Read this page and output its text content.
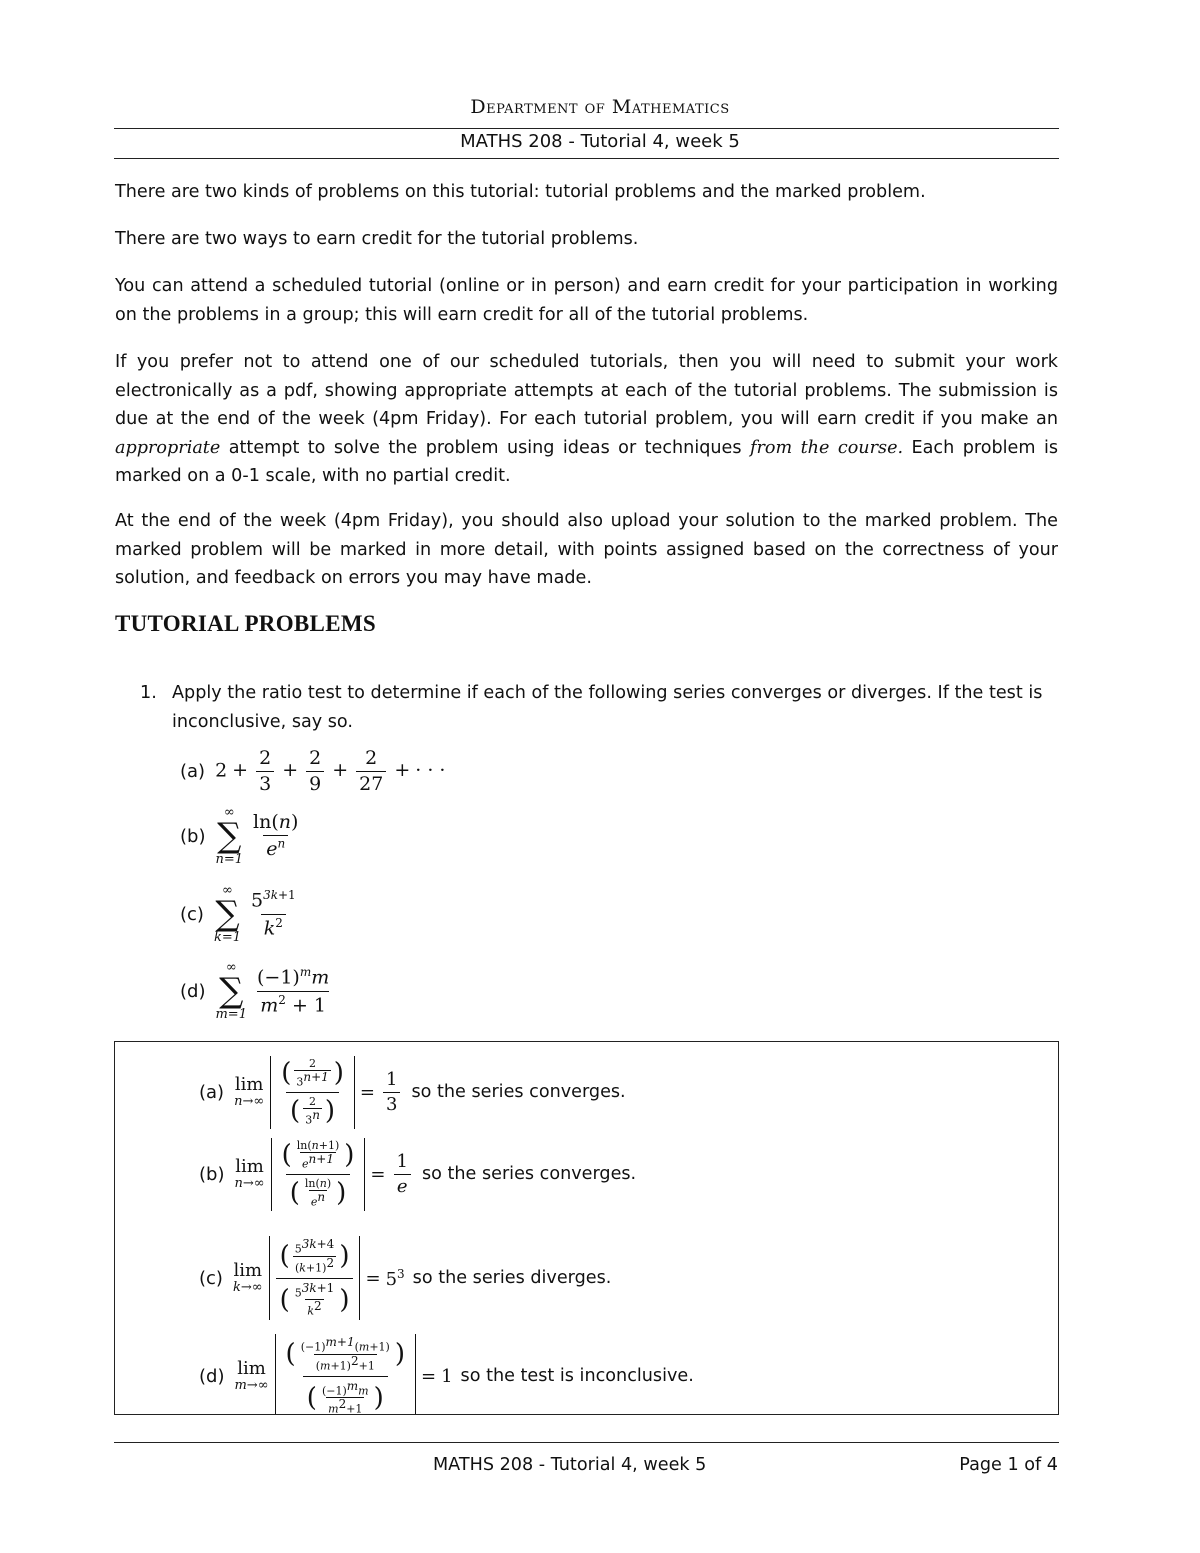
Department of Mathematics
MATHS 208 - Tutorial 4, week 5

There are two kinds of problems on this tutorial: tutorial problems and the marked problem.

There are two ways to earn credit for the tutorial problems.

You can attend a scheduled tutorial (online or in person) and earn credit for your participation in working on the problems in a group; this will earn credit for all of the tutorial problems.

If you prefer not to attend one of our scheduled tutorials, then you will need to submit your work electronically as a pdf, showing appropriate attempts at each of the tutorial problems. The submission is due at the end of the week (4pm Friday). For each tutorial problem, you will earn credit if you make an appropriate attempt to solve the problem using ideas or techniques from the course. Each problem is marked on a 0-1 scale, with no partial credit.

At the end of the week (4pm Friday), you should also upload your solution to the marked problem. The marked problem will be marked in more detail, with points assigned based on the correctness of your solution, and feedback on errors you may have made.

TUTORIAL PROBLEMS
1. Apply the ratio test to determine if each of the following series converges or diverges. If the test is inconclusive, say so.
(a) $2 + \frac{2}{3} + \frac{2}{9} + \frac{2}{27}$ + · · ·
(b)
∞
∑
$n=1 \frac{\ln(n)}{e^n}$
(c)
∞
∑
$k=1 \frac{5^{3k+1}}{k^2}$
(d)
∞
∑
$m=1 \frac{(-1)^mm}{m^2 + 1}$
(a) lim
n→∞
( $\frac{2}{3^{n+1}}$ )
( $\frac{2}{3^n}$ )
= $\frac{1}{3}$ so the series converges.
(b) lim
n→∞
( $\frac{\ln(n+1)}{e^{n+1}}$ )
( $\frac{\ln(n)}{e^n}$ )
= $\frac{1}{e}$ so the series converges.
(c) lim
k→∞
( $\frac{5^{3k+4}}{(k+1)^2}$ )
( $\frac{5^{3k+1}}{k^2}$ )
= $5^3$ so the series diverges.
(d) lim
m→∞
( $\frac{(-1)^{m+1}(m+1)}{(m+1)^2+1}$ )
( $\frac{(-1)^mm}{m^2+1}$ )
= 1 so the test is inconclusive.
MATHS 208 - Tutorial 4, week 5	Page 1 of 4
